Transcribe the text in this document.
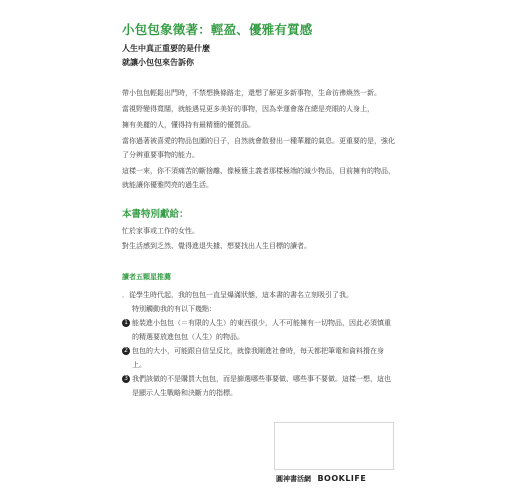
小包包象徵著：輕盈、優雅有質感
人生中真正重要的是什麼
就讓小包包來告訴你

帶小包包輕鬆出門時，不禁想換條路走，還想了解更多新事物，生命彷彿煥然一新。

當視野變得寬闊，就能遇見更多美好的事物，因為幸運會落在總是亮眼的人身上，

擁有美麗的人，懂得持有最精簡的優質品。

當你過著被喜愛的物品包圍的日子，自然就會散發出一種華麗的氣息。更重要的是，強化了分辨重要事物的能力。

這樣一來，你不須痛苦的斷捨離、像極簡主義者那樣極端的減少物品，目前擁有的物品，就能讓你優雅閃亮的過生活。

本書特別獻給：

忙於家事或工作的女性。

對生活感到乏然、覺得進退失據、想要找出人生目標的讀者。

讀者五顆星推薦

．從學生時代起，我的包包一直呈爆滿狀態，這本書的書名立刻吸引了我。

特別觸動我的有以下幾點：

1 能裝進小包包（＝有限的人生）的東西很少，人不可能擁有一切物品，因此必須慎重的精選要放進包包（人生）的物品。

2 包包的大小，可能跟自信呈反比，就像我剛進社會時，每天都把筆電和資料揹在身上。

3 我們該做的不是購買大包包，而是篩選哪些事要做、哪些事不要做。這樣一想，這也是顯示人生戰略和決斷力的指標。

圓神書活網 BOOKLIFE
